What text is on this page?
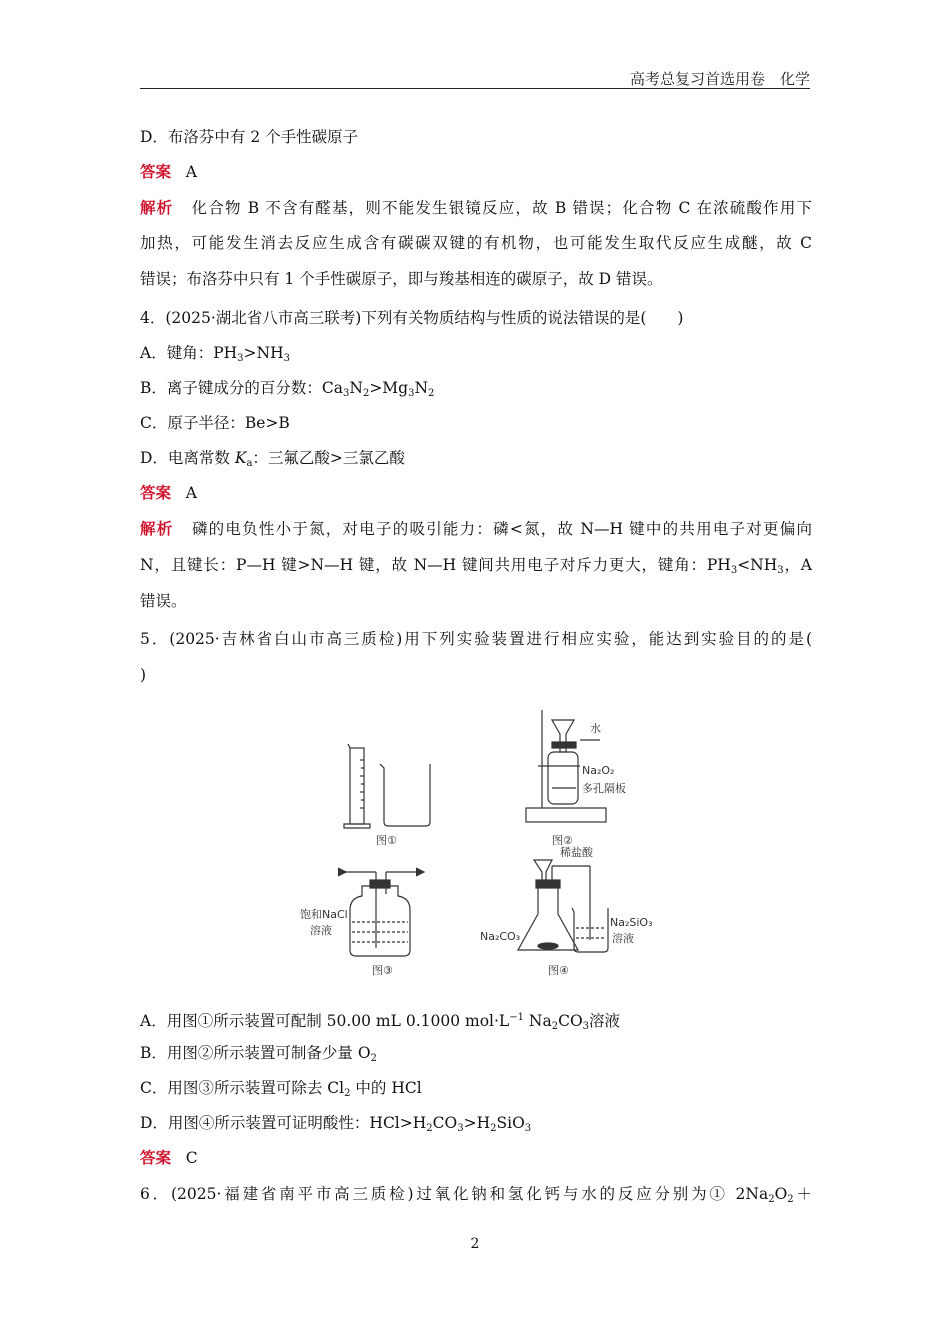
高考总复习首选用卷　化学
D．布洛芬中有 2 个手性碳原子
答案 A
解析 化合物 B 不含有醛基，则不能发生银镜反应，故 B 错误；化合物 C 在浓硫酸作用下
加热，可能发生消去反应生成含有碳碳双键的有机物，也可能发生取代反应生成醚，故 C
错误；布洛芬中只有 1 个手性碳原子，即与羧基相连的碳原子，故 D 错误。
4．(2025·湖北省八市高三联考)下列有关物质结构与性质的说法错误的是(　　)
A．键角：$PH_3>NH_3$
B．离子键成分的百分数：$Ca_3N_2>Mg_3N_2$
C．原子半径：Be>B
D．电离常数 $K_a$：三氟乙酸>三氯乙酸
答案 A
解析 磷的电负性小于氮，对电子的吸引能力：磷<氮，故 N—H 键中的共用电子对更偏向
N，且键长：P—H 键>N—H 键，故 N—H 键间共用电子对斥力更大，键角：$PH_3<NH_3$，A
错误。
5．(2025·吉林省白山市高三质检)用下列实验装置进行相应实验，能达到实验目的的是(
)
图①	图②
水
Na₂O₂
多孔隔板
饱和NaCl
溶液
图③
稀盐酸
Na₂CO₃
Na₂SiO₃
溶液
图④
A．用图①所示装置可配制 50.00 mL 0.1000 $mol\cdot L^{-1}$ $Na_2CO_3$溶液
B．用图②所示装置可制备少量 $O_2$
C．用图③所示装置可除去 $Cl_2$ 中的 HCl
D．用图④所示装置可证明酸性：$HCl>H_2CO_3>H_2SiO_3$
答案 C
6．(2025·福建省南平市高三质检)过氧化钠和氢化钙与水的反应分别为① $2Na_2O_2+$
2
